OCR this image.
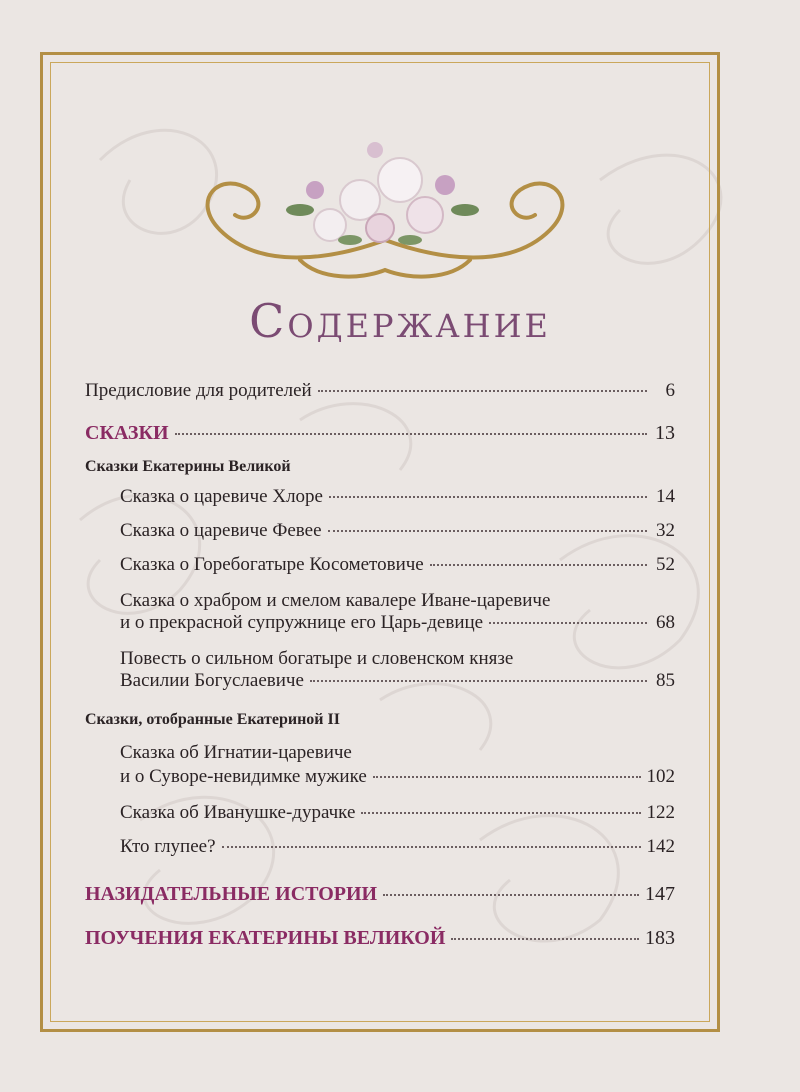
Содержание
Предисловие для родителей	6
СКАЗКИ	13
Сказки Екатерины Великой
Сказка о царевиче Хлоре	14
Сказка о царевиче Февее	32
Сказка о Горебогатыре Косометовиче	52
Сказка о храбром и смелом кавалере Иване-царевиче
и о прекрасной супружнице его Царь-девице	68
Повесть о сильном богатыре и словенском князе
Василии Богуслаевиче	85
Сказки, отобранные Екатериной II
Сказка об Игнатии-царевиче
и о Суворе-невидимке мужике	102
Сказка об Иванушке-дурачке	122
Кто глупее?	142
НАЗИДАТЕЛЬНЫЕ ИСТОРИИ	147
ПОУЧЕНИЯ ЕКАТЕРИНЫ ВЕЛИКОЙ	183
